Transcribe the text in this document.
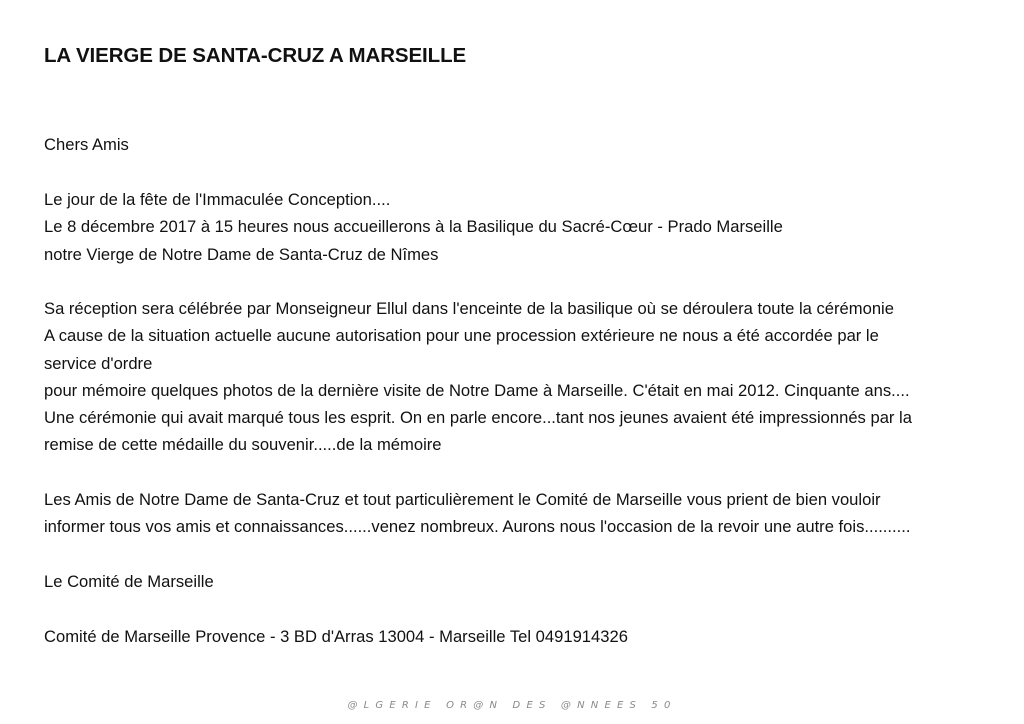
LA VIERGE DE SANTA-CRUZ A MARSEILLE

Chers Amis

Le jour de la fête de l'Immaculée Conception....

Le 8 décembre 2017 à 15 heures nous accueillerons à la Basilique du Sacré-Cœur - Prado Marseille

notre Vierge de Notre Dame de Santa-Cruz de Nîmes

Sa réception sera célébrée par Monseigneur Ellul dans l'enceinte de la basilique où se déroulera toute la cérémonie

A cause de la situation actuelle aucune autorisation pour une procession extérieure ne nous a été accordée par le

service d'ordre

pour mémoire quelques photos de la dernière visite de Notre Dame à Marseille. C'était en mai 2012. Cinquante ans....

Une cérémonie qui avait marqué tous les esprit. On en parle encore...tant nos jeunes avaient été impressionnés par la

remise de cette médaille du souvenir.....de la mémoire

Les Amis de Notre Dame de Santa-Cruz et tout particulièrement le Comité de Marseille vous prient de bien vouloir

informer tous vos amis et connaissances......venez nombreux. Aurons nous l'occasion de la revoir une autre fois..........

Le Comité de Marseille

Comité de Marseille Provence - 3 BD d'Arras 13004 - Marseille Tel 0491914326

@LGERIE OR@N DES @NNEES 50
